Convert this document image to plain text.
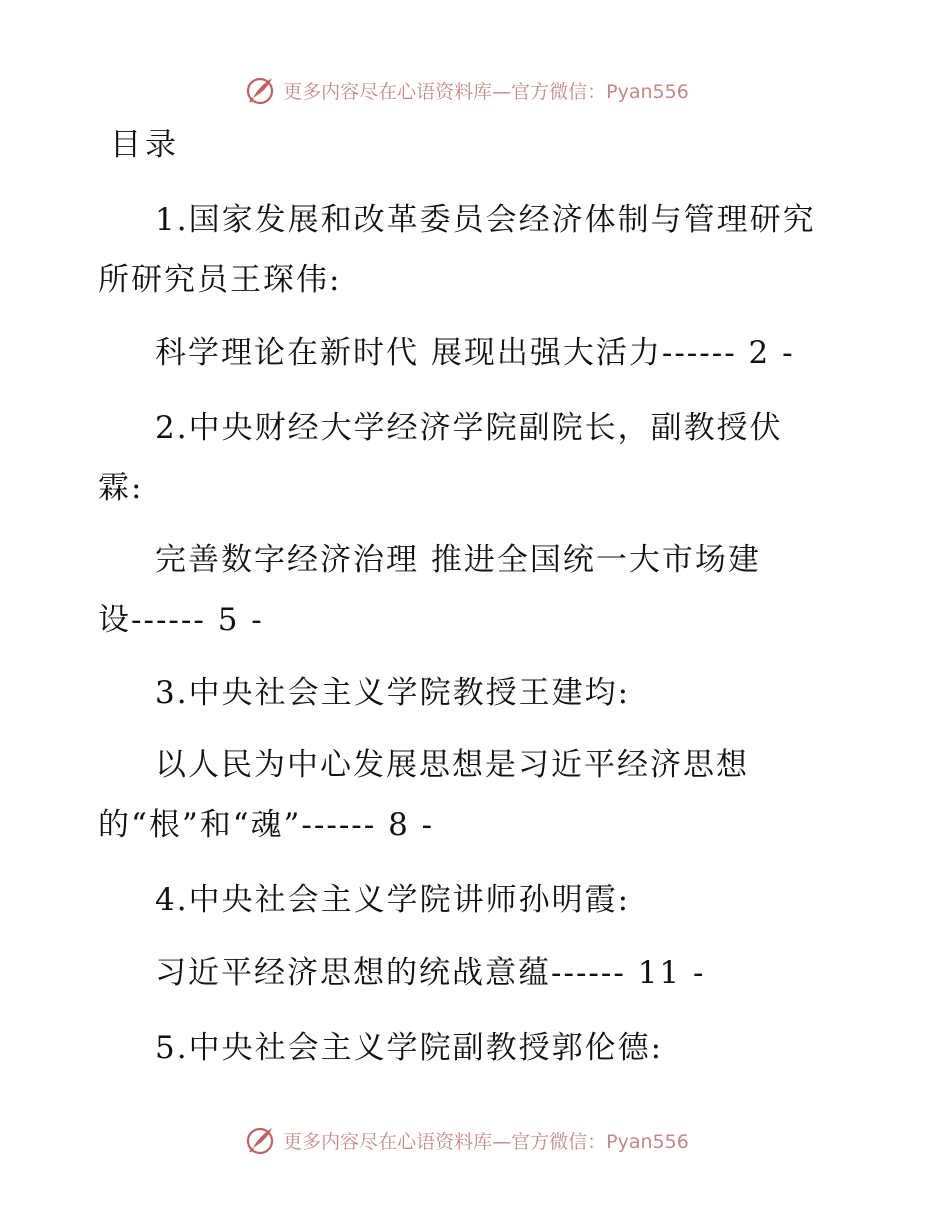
更多内容尽在心语资料库—官方微信：Pyan556
目录
1.国家发展和改革委员会经济体制与管理研究
所研究员王琛伟:
科学理论在新时代 展现出强大活力------ 2 -
2.中央财经大学经济学院副院长，副教授伏
霖:
完善数字经济治理 推进全国统一大市场建
设------ 5 -
3.中央社会主义学院教授王建均:
以人民为中心发展思想是习近平经济思想
的“根”和“魂”------ 8 -
4.中央社会主义学院讲师孙明霞:
习近平经济思想的统战意蕴------ 11 -
5.中央社会主义学院副教授郭伦德:
更多内容尽在心语资料库—官方微信：Pyan556
